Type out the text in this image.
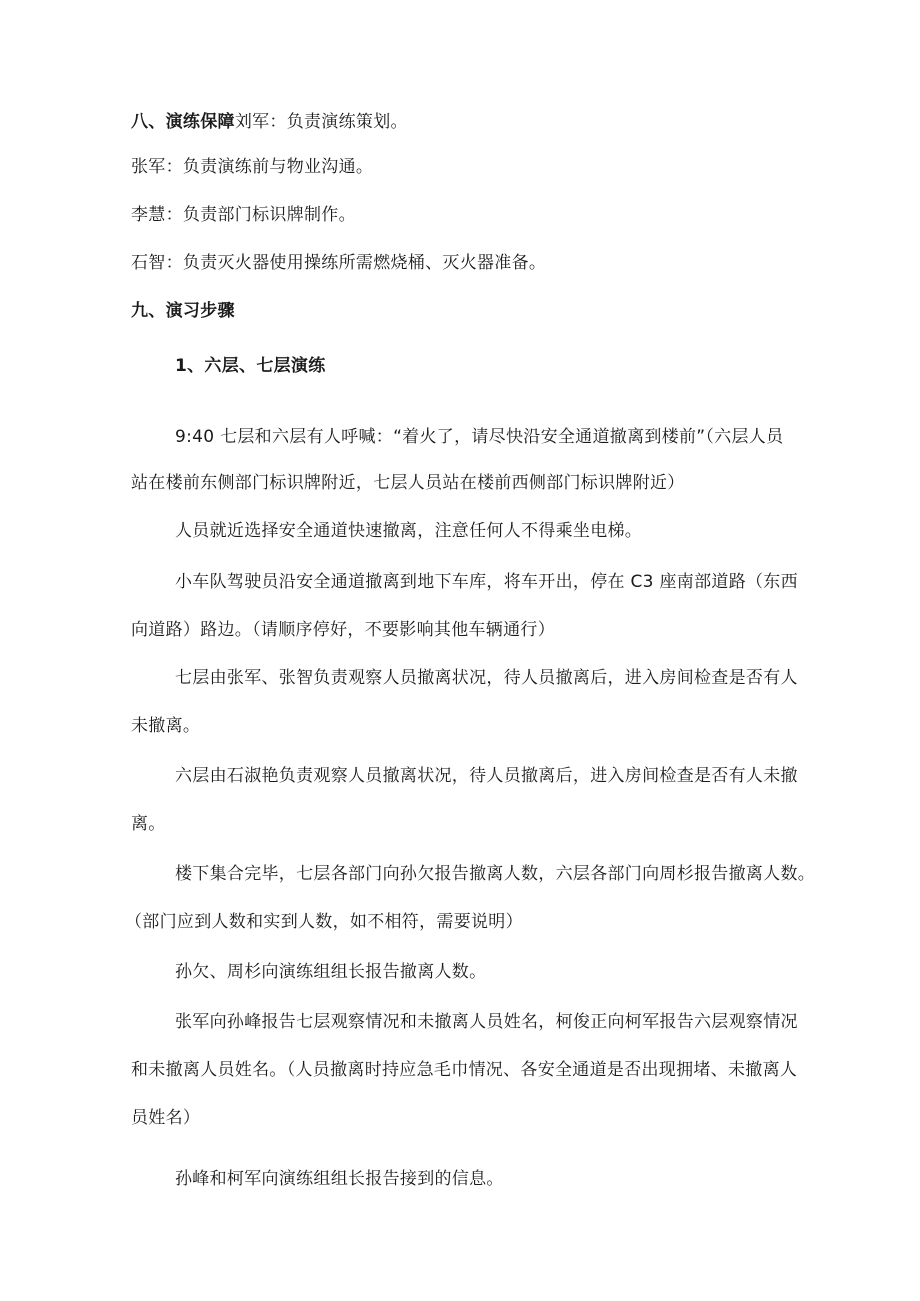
八、演练保障刘军：负责演练策划。
张军：负责演练前与物业沟通。
李慧：负责部门标识牌制作。
石智：负责灭火器使用操练所需燃烧桶、灭火器准备。
九、演习步骤
1、六层、七层演练
9:40 七层和六层有人呼喊：“着火了，请尽快沿安全通道撤离到楼前”（六层人员
站在楼前东侧部门标识牌附近，七层人员站在楼前西侧部门标识牌附近）
人员就近选择安全通道快速撤离，注意任何人不得乘坐电梯。
小车队驾驶员沿安全通道撤离到地下车库，将车开出，停在 C3 座南部道路（东西
向道路）路边。（请顺序停好，不要影响其他车辆通行）
七层由张军、张智负责观察人员撤离状况，待人员撤离后，进入房间检查是否有人
未撤离。
六层由石淑艳负责观察人员撤离状况，待人员撤离后，进入房间检查是否有人未撤
离。
楼下集合完毕，七层各部门向孙欠报告撤离人数，六层各部门向周杉报告撤离人数。
（部门应到人数和实到人数，如不相符，需要说明）
孙欠、周杉向演练组组长报告撤离人数。
张军向孙峰报告七层观察情况和未撤离人员姓名，柯俊正向柯军报告六层观察情况
和未撤离人员姓名。（人员撤离时持应急毛巾情况、各安全通道是否出现拥堵、未撤离人
员姓名）
孙峰和柯军向演练组组长报告接到的信息。
